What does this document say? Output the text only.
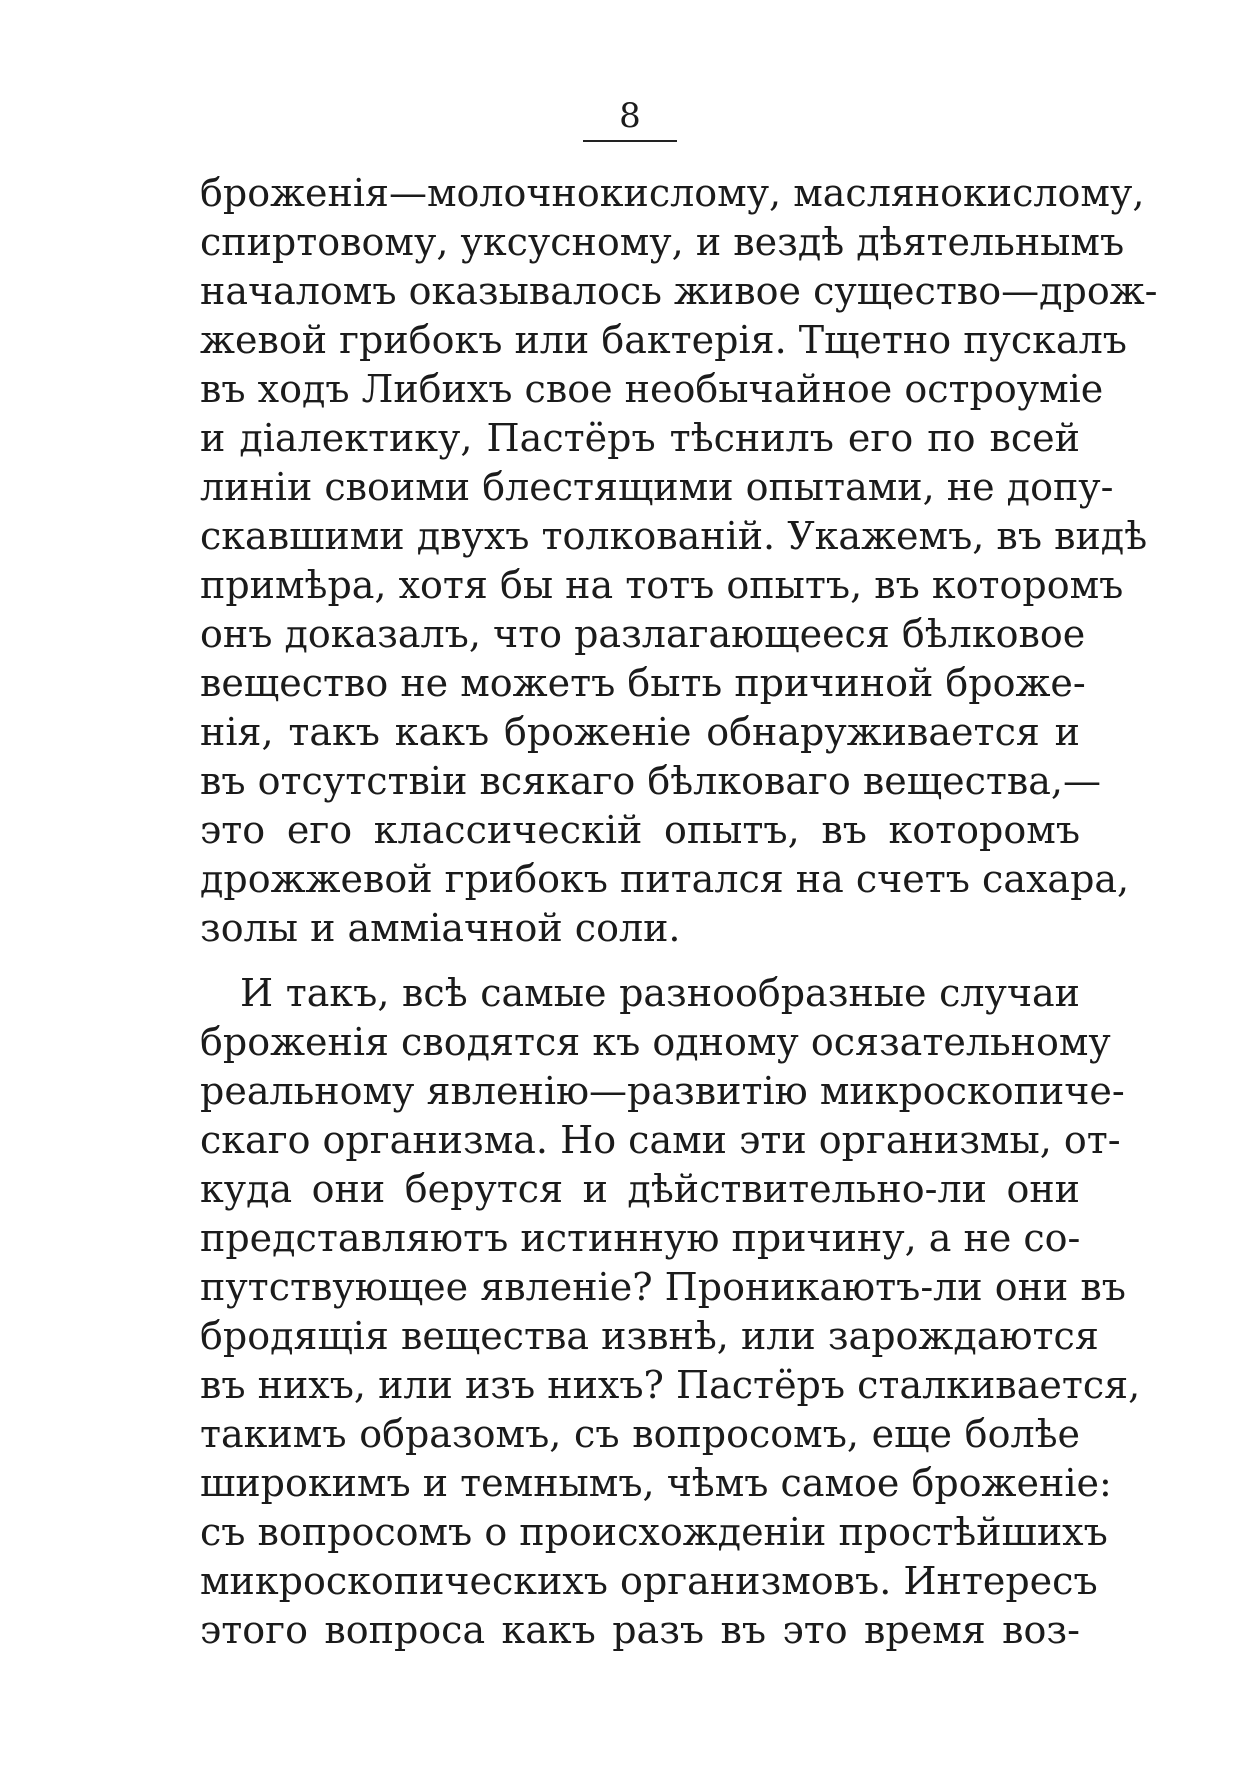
8
броженія—молочнокислому, маслянокислому,
спиртовому, уксусному, и вездѣ дѣятельнымъ
началомъ оказывалось живое существо—дрож-
жевой грибокъ или бактерія. Тщетно пускалъ
въ ходъ Либихъ свое необычайное остроуміе
и діалектику, Пастёръ тѣснилъ его по всей
линіи своими блестящими опытами, не допу-
скавшими двухъ толкованій. Укажемъ, въ видѣ
примѣра, хотя бы на тотъ опытъ, въ которомъ
онъ доказалъ, что разлагающееся бѣлковое
вещество не можетъ быть причиной броже-
нія, такъ какъ броженіе обнаруживается и
въ отсутствіи всякаго бѣлковаго вещества,—
это его классическій опытъ, въ которомъ
дрожжевой грибокъ питался на счетъ сахара,
золы и аммiачной соли.
И такъ, всѣ самые разнообразные случаи
броженія сводятся къ одному осязательному
реальному явленію—развитію микроскопиче-
скаго организма. Но сами эти организмы, от-
куда они берутся и дѣйствительно-ли они
представляютъ истинную причину, а не со-
путствующее явленіе? Проникаютъ-ли они въ
бродящія вещества извнѣ, или зарождаются
въ нихъ, или изъ нихъ? Пастёръ сталкивается,
такимъ образомъ, съ вопросомъ, еще болѣе
широкимъ и темнымъ, чѣмъ самое броженіе:
съ вопросомъ о происхожденіи простѣйшихъ
микроскопическихъ организмовъ. Интересъ
этого вопроса какъ разъ въ это время воз-
